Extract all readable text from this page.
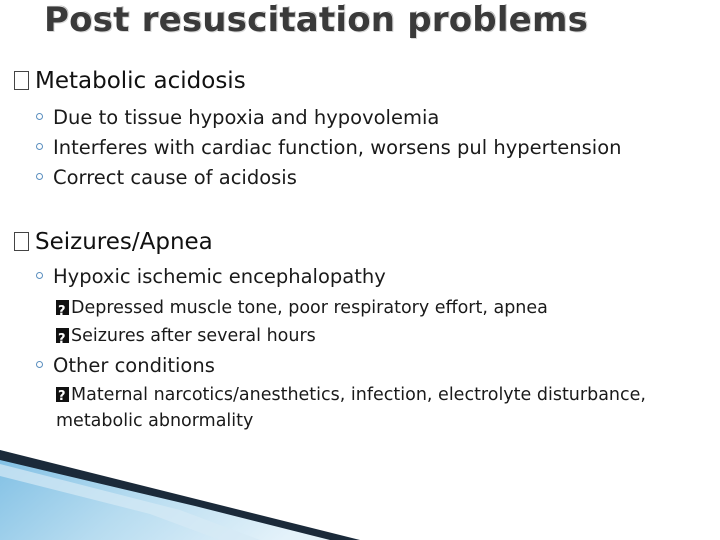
Post resuscitation problems
Metabolic acidosis
Due to tissue hypoxia and hypovolemia
Interferes with cardiac function, worsens pul hypertension
Correct cause of acidosis
Seizures/Apnea
Hypoxic ischemic encephalopathy
?Depressed muscle tone, poor respiratory effort, apnea
?Seizures after several hours
Other conditions
?Maternal narcotics/anesthetics, infection, electrolyte disturbance, metabolic abnormality
